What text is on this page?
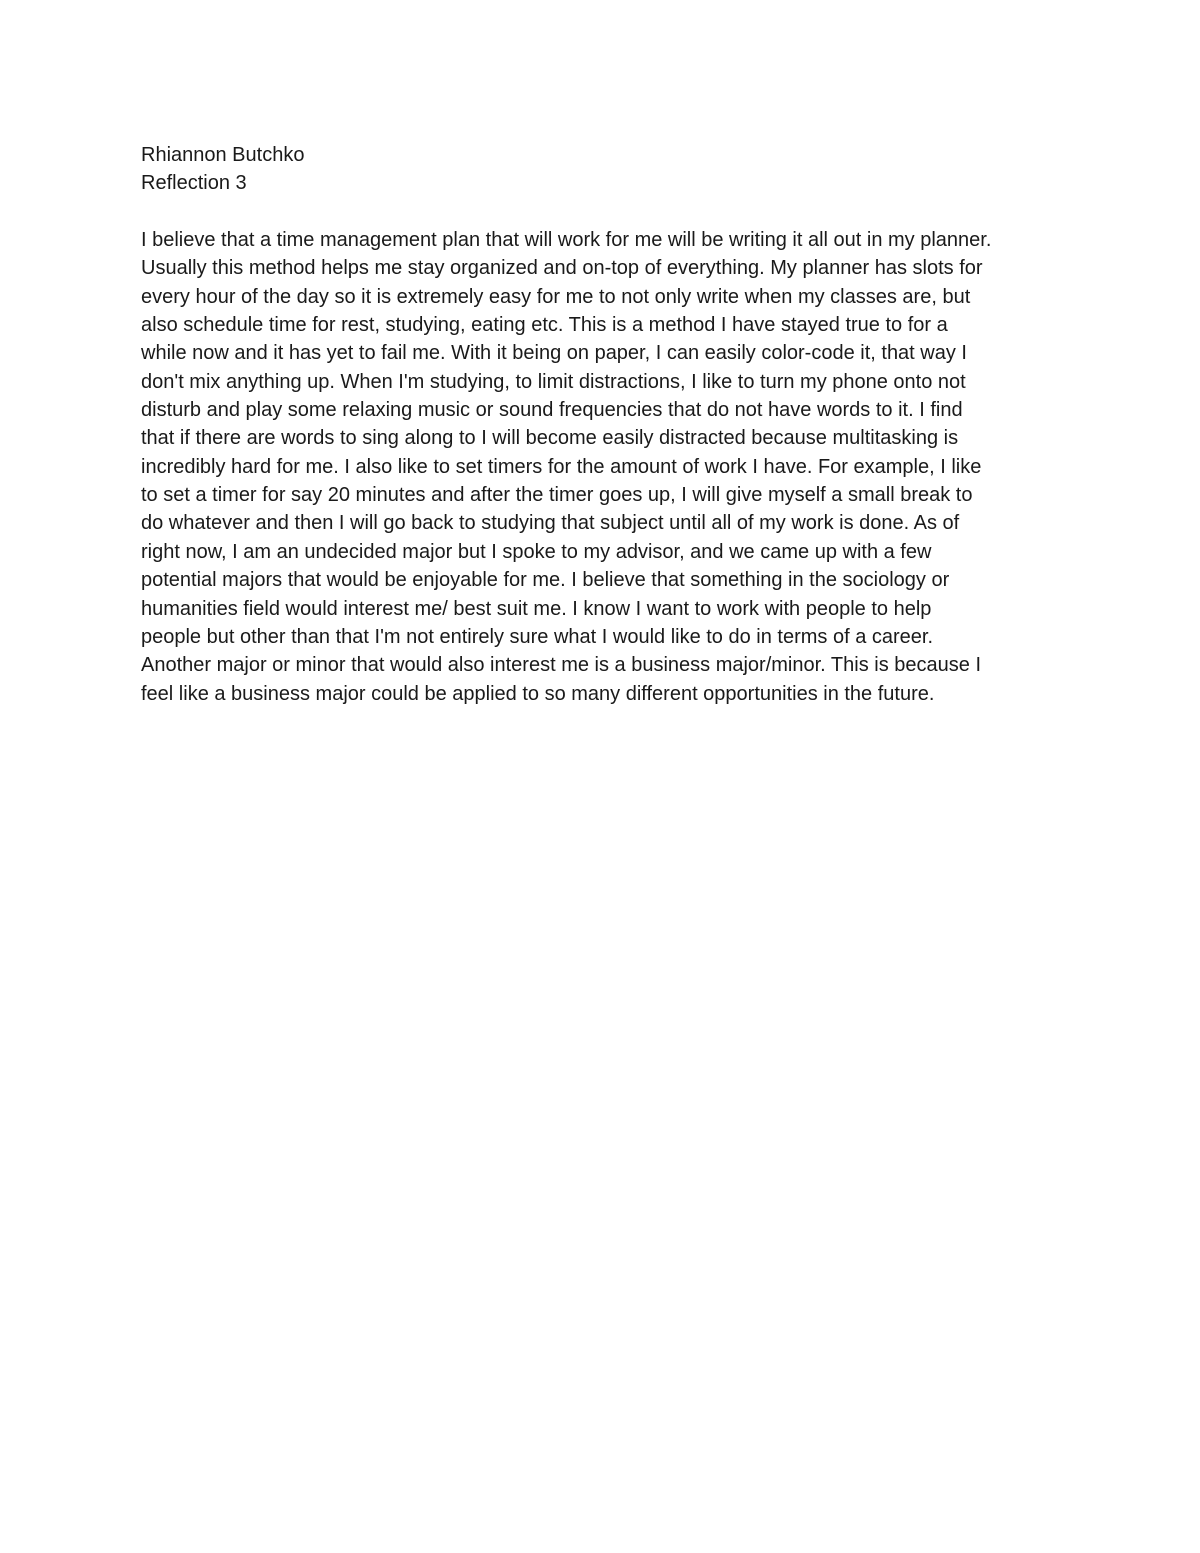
Rhiannon Butchko

Reflection 3

I believe that a time management plan that will work for me will be writing it all out in my planner.

Usually this method helps me stay organized and on-top of everything. My planner has slots for

every hour of the day so it is extremely easy for me to not only write when my classes are, but

also schedule time for rest, studying, eating etc. This is a method I have stayed true to for a

while now and it has yet to fail me. With it being on paper, I can easily color-code it, that way I

don't mix anything up. When I'm studying, to limit distractions, I like to turn my phone onto not

disturb and play some relaxing music or sound frequencies that do not have words to it. I find

that if there are words to sing along to I will become easily distracted because multitasking is

incredibly hard for me. I also like to set timers for the amount of work I have. For example, I like

to set a timer for say 20 minutes and after the timer goes up, I will give myself a small break to

do whatever and then I will go back to studying that subject until all of my work is done. As of

right now, I am an undecided major but I spoke to my advisor, and we came up with a few

potential majors that would be enjoyable for me. I believe that something in the sociology or

humanities field would interest me/ best suit me. I know I want to work with people to help

people but other than that I'm not entirely sure what I would like to do in terms of a career.

Another major or minor that would also interest me is a business major/minor. This is because I

feel like a business major could be applied to so many different opportunities in the future.
